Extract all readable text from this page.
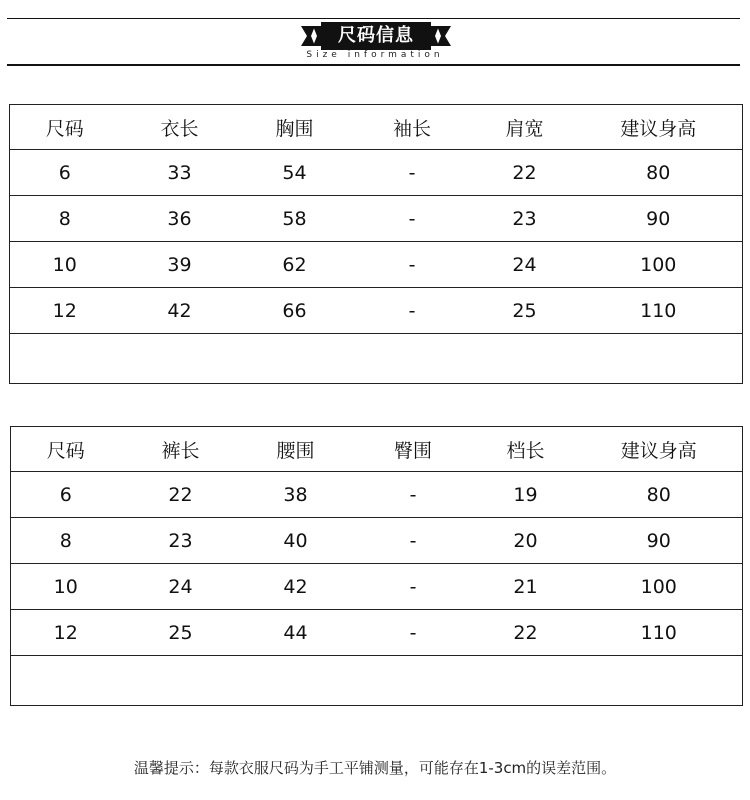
尺码信息
Size information
尺码	衣长	胸围	袖长	肩宽	建议身高
6	33	54	-	22	80
8	36	58	-	23	90
10	39	62	-	24	100
12	42	66	-	25	110

尺码	裤长	腰围	臀围	档长	建议身高
6	22	38	-	19	80
8	23	40	-	20	90
10	24	42	-	21	100
12	25	44	-	22	110

温馨提示：每款衣服尺码为手工平铺测量，可能存在1-3cm的误差范围。
